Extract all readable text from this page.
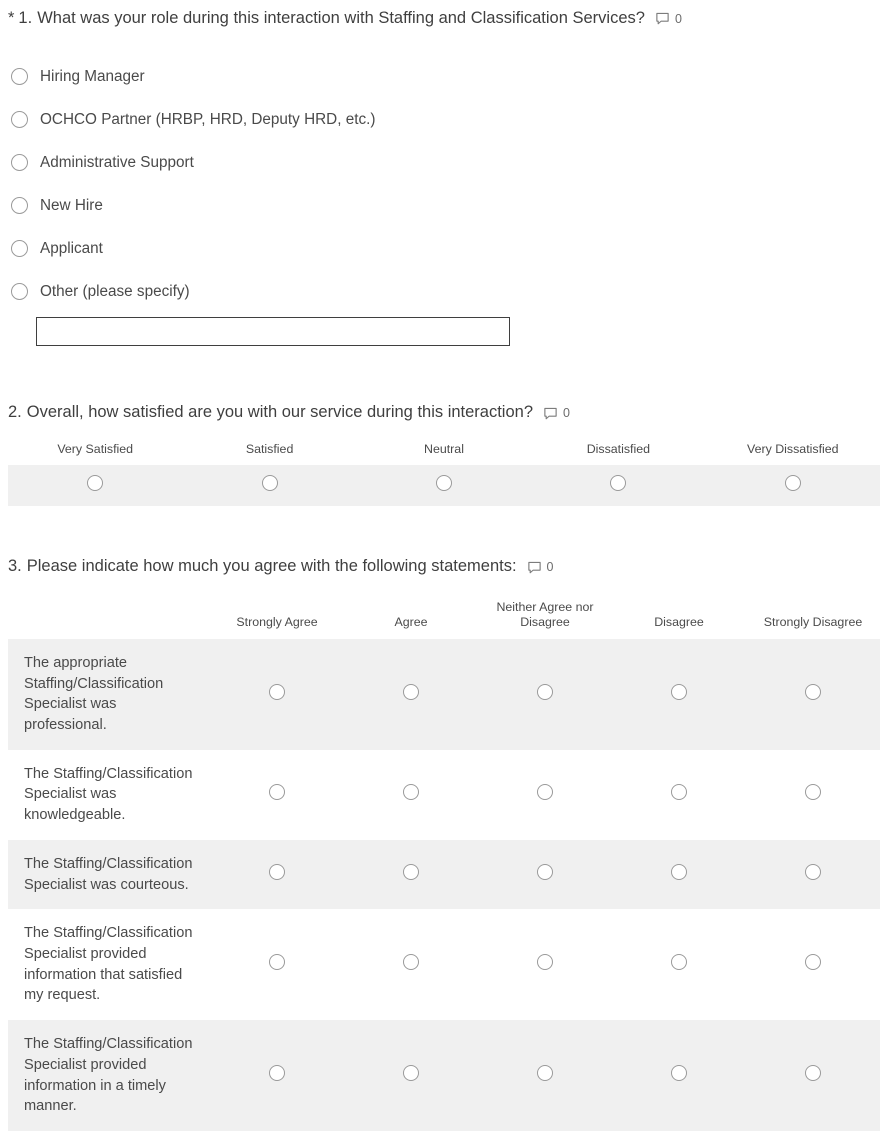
* 1. What was your role during this interaction with Staffing and Classification Services? 0
Hiring Manager
OCHCO Partner (HRBP, HRD, Deputy HRD, etc.)
Administrative Support
New Hire
Applicant
Other (please specify)
2. Overall, how satisfied are you with our service during this interaction? 0
Very Satisfied	Satisfied	Neutral	Dissatisfied	Very Dissatisfied

3. Please indicate how much you agree with the following statements: 0
	Strongly Agree	Agree	Neither Agree nor Disagree	Disagree	Strongly Disagree
The appropriate Staffing/Classification Specialist was professional.					
The Staffing/Classification Specialist was knowledgeable.					
The Staffing/Classification Specialist was courteous.					
The Staffing/Classification Specialist provided information that satisfied my request.					
The Staffing/Classification Specialist provided information in a timely manner.					
